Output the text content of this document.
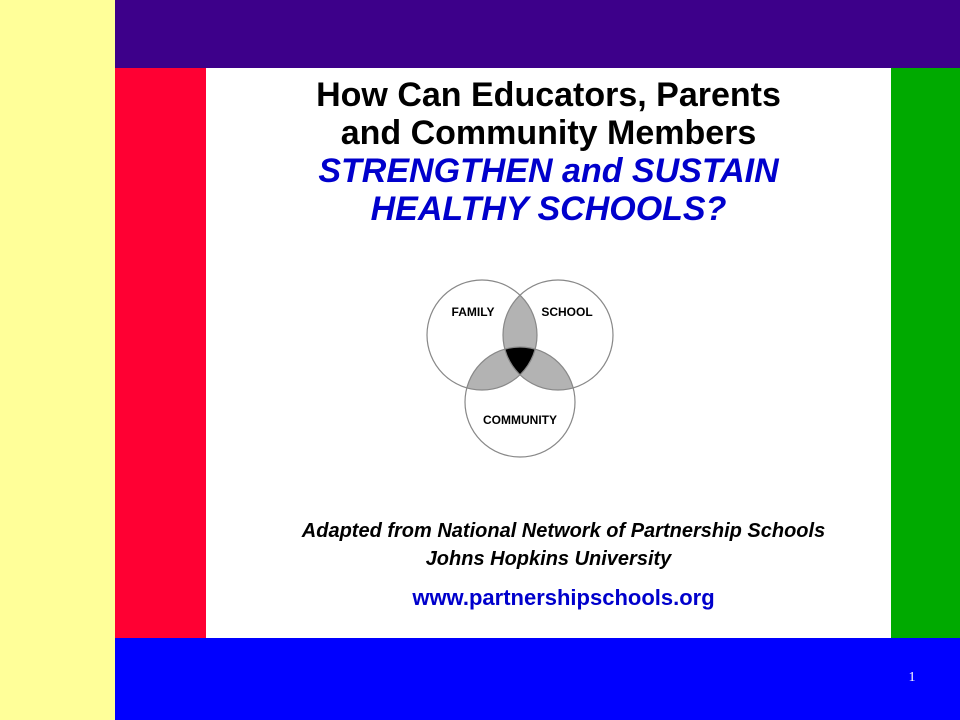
How Can Educators, Parents
and Community Members
STRENGTHEN and SUSTAIN
HEALTHY SCHOOLS?
FAMILY	SCHOOL
COMMUNITY
Adapted from National Network of Partnership Schools
Johns Hopkins University
www.partnershipschools.org
1
